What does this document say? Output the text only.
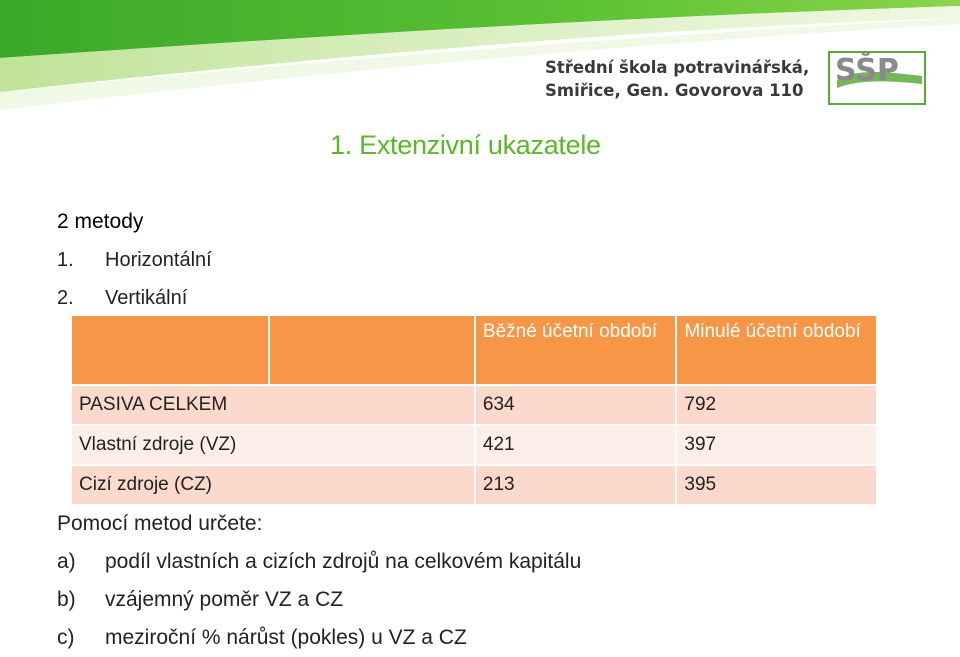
Střední škola potravinářská,
Smiřice, Gen. Govorova 110
SŠP
miřice
1. Extenzivní ukazatele
2 metody
1.	Horizontální
2.	Vertikální
		Běžné účetní období	Minulé účetní období
PASIVA CELKEM		634	792
Vlastní zdroje (VZ)		421	397
Cizí zdroje (CZ)		213	395
Pomocí metod určete:
a)	podíl vlastních a cizích zdrojů na celkovém kapitálu
b)	vzájemný poměr VZ a CZ
c)	meziroční % nárůst (pokles) u VZ a CZ
